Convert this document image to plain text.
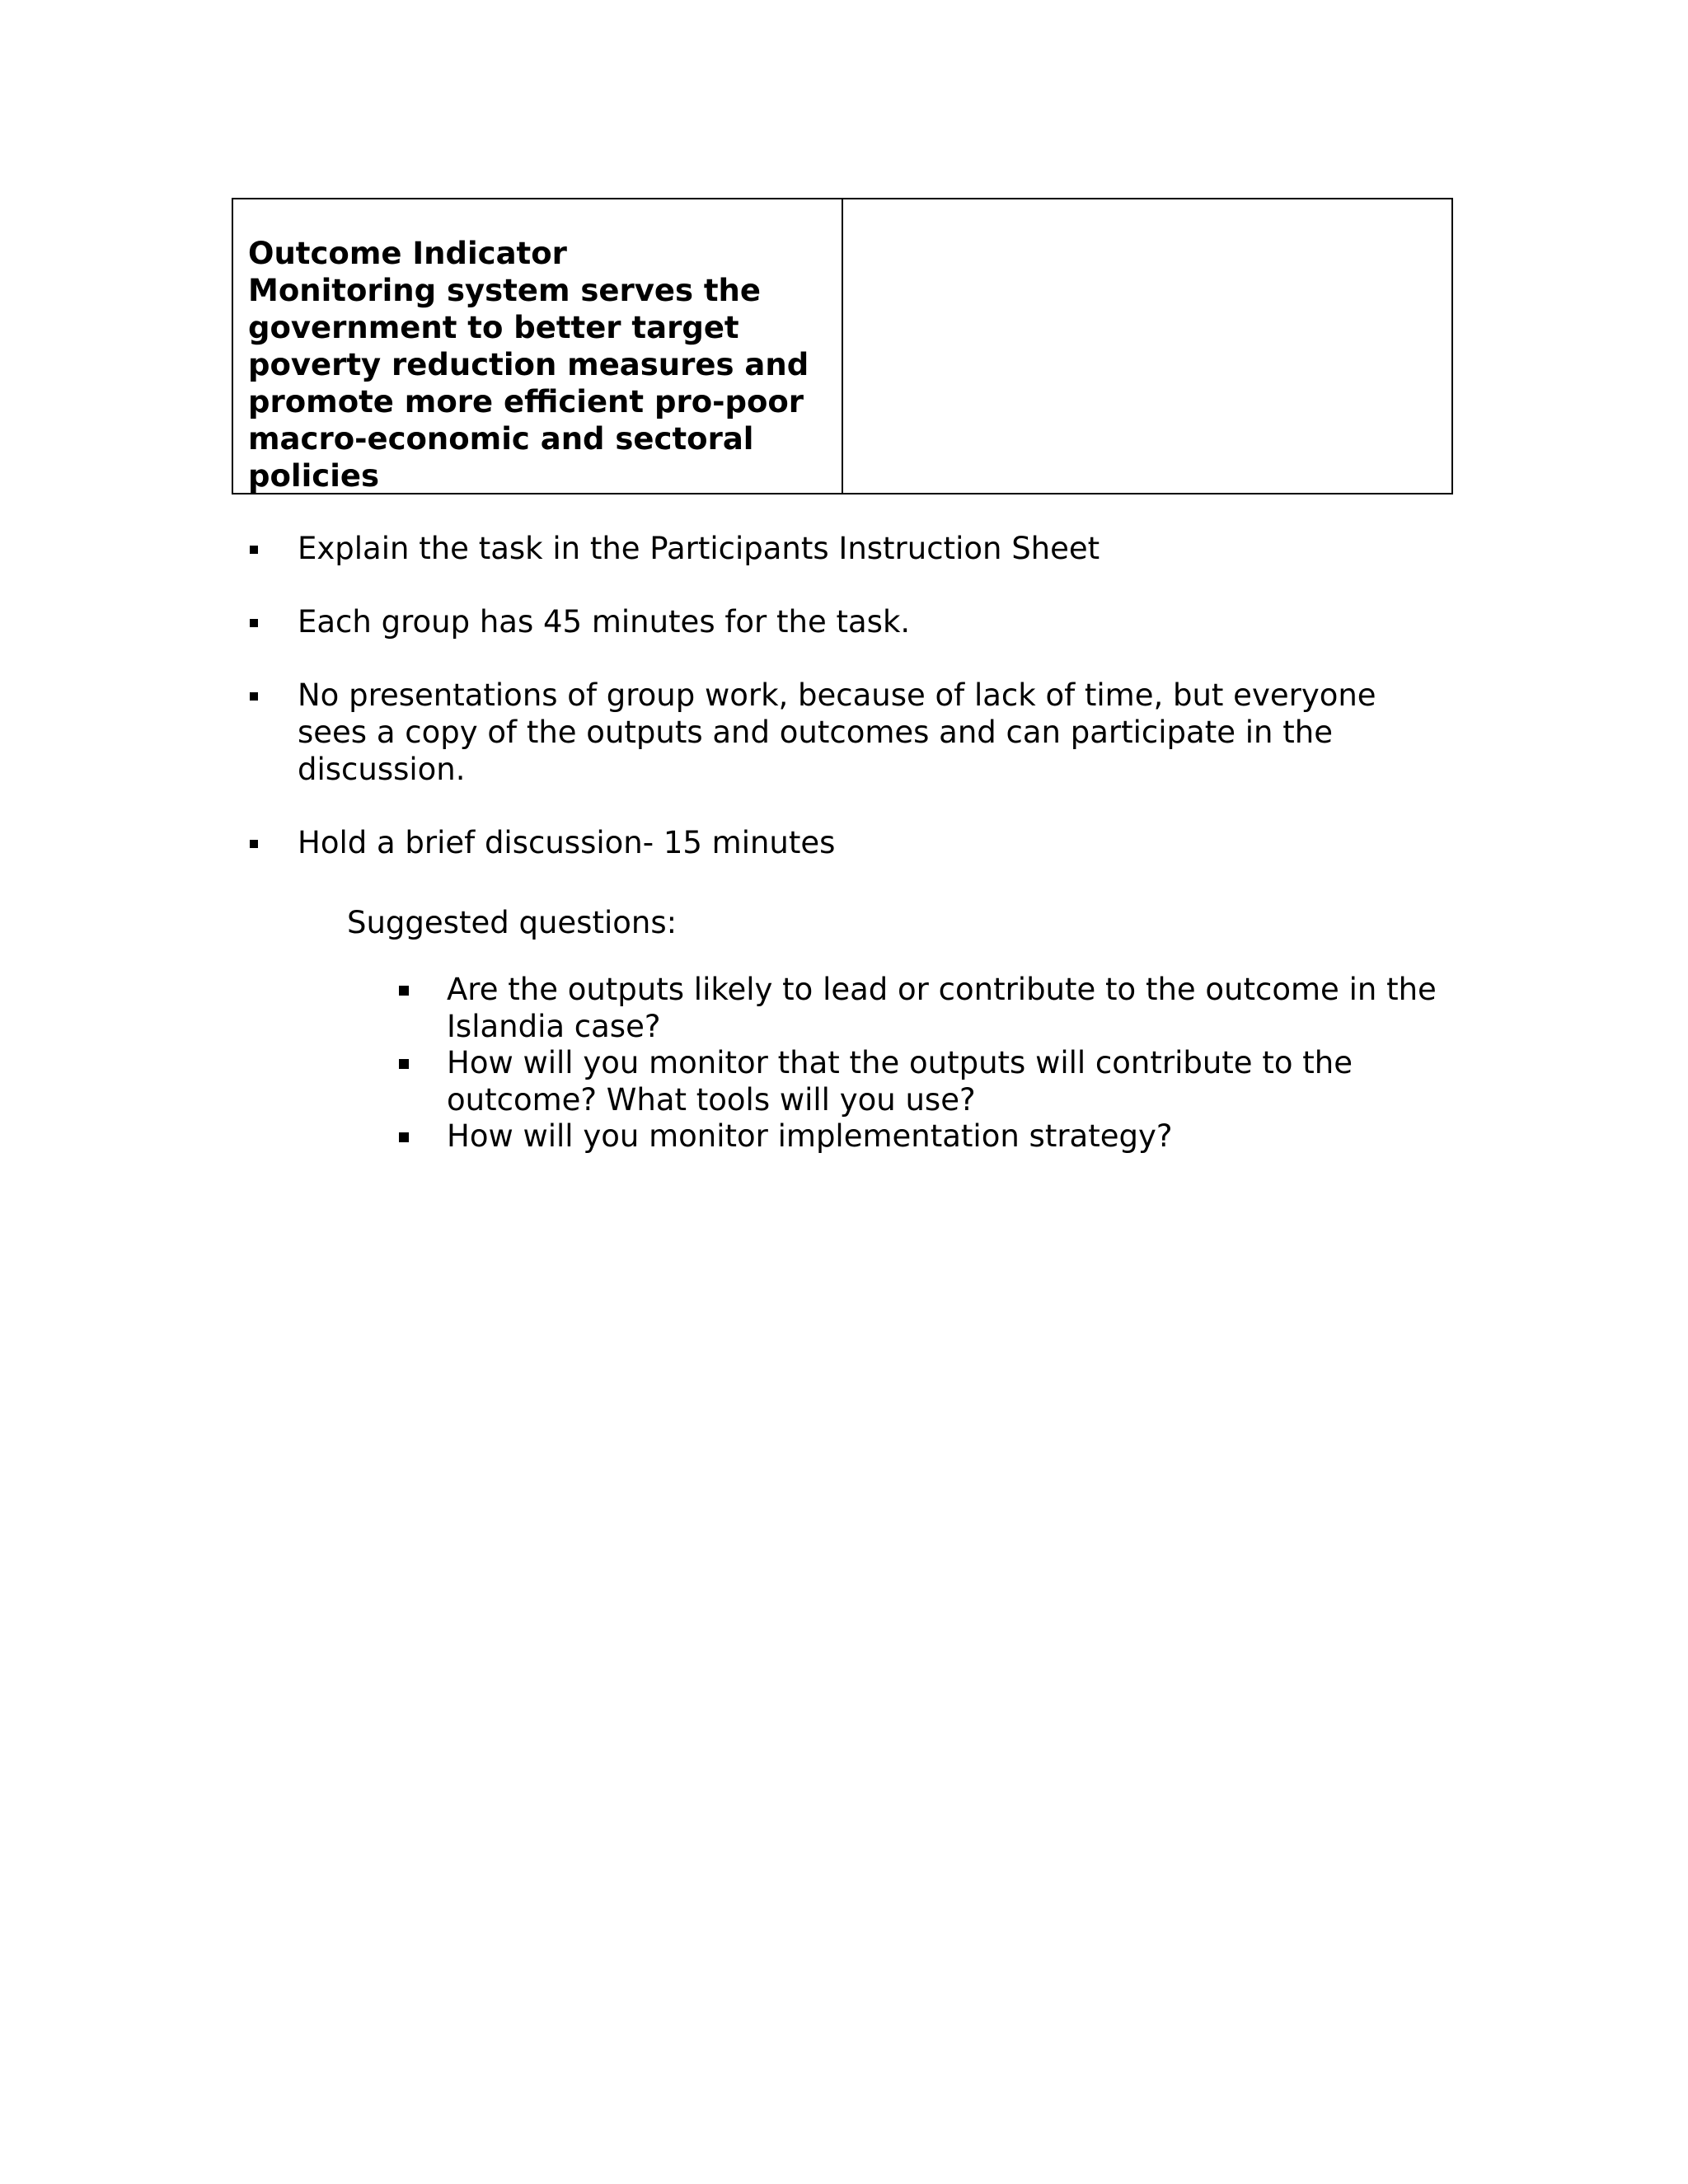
Outcome Indicator
Monitoring system serves the
government to better target
poverty reduction measures and
promote more efficient pro-poor
macro-economic and sectoral
policies

Explain the task in the Participants Instruction Sheet

Each group has 45 minutes for the task.

No presentations of group work, because of lack of time, but everyone
sees a copy of the outputs and outcomes and can participate in the
discussion.

Hold a brief discussion- 15 minutes

Suggested questions:

Are the outputs likely to lead or contribute to the outcome in the
Islandia case?

How will you monitor that the outputs will contribute to the
outcome? What tools will you use?

How will you monitor implementation strategy?
